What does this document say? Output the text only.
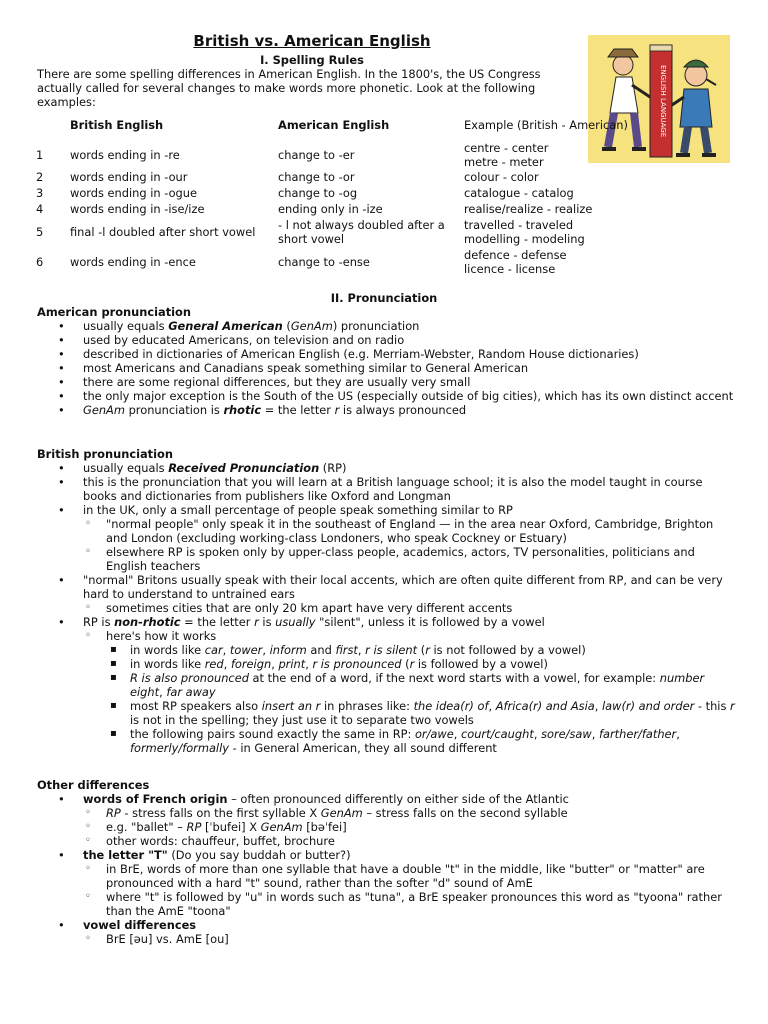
British vs. American English
I. Spelling Rules
There are some spelling differences in American English. In the 1800's, the US Congress actually called for several changes to make words more phonetic. Look at the following examples:	ENGLISH LANGUAGE
	British English	American English	Example (British - American)
1	words ending in -re	change to -er	centre - center
metre - meter
2	words ending in -our	change to -or	colour - color
3	words ending in -ogue	change to -og	catalogue - catalog
4	words ending in -ise/ize	ending only in -ize	realise/realize - realize
5	final -l doubled after short vowel	- l not always doubled after a short vowel	travelled - traveled
modelling - modeling
6	words ending in -ence	change to -ense	defence - defense
licence - license
II. Pronunciation
American pronunciation
• usually equals General American (GenAm) pronunciation
• used by educated Americans, on television and on radio
• described in dictionaries of American English (e.g. Merriam-Webster, Random House dictionaries)
• most Americans and Canadians speak something similar to General American
• there are some regional differences, but they are usually very small
• the only major exception is the South of the US (especially outside of big cities), which has its own distinct accent
• GenAm pronunciation is rhotic = the letter r is always pronounced
British pronunciation
• usually equals Received Pronunciation (RP)
• this is the pronunciation that you will learn at a British language school; it is also the model taught in course books and dictionaries from publishers like Oxford and Longman
• in the UK, only a small percentage of people speak something similar to RP
◦ "normal people" only speak it in the southeast of England — in the area near Oxford, Cambridge, Brighton and London (excluding working-class Londoners, who speak Cockney or Estuary)
◦ elsewhere RP is spoken only by upper-class people, academics, actors, TV personalities, politicians and English teachers
• "normal" Britons usually speak with their local accents, which are often quite different from RP, and can be very hard to understand to untrained ears
◦ sometimes cities that are only 20 km apart have very different accents
• RP is non-rhotic = the letter r is usually "silent", unless it is followed by a vowel
◦ here's how it works
▪ in words like car, tower, inform and first, r is silent (r is not followed by a vowel)
▪ in words like red, foreign, print, r is pronounced (r is followed by a vowel)
▪ R is also pronounced at the end of a word, if the next word starts with a vowel, for example: number eight, far away
▪ most RP speakers also insert an r in phrases like: the idea(r) of, Africa(r) and Asia, law(r) and order - this r is not in the spelling; they just use it to separate two vowels
▪ the following pairs sound exactly the same in RP: or/awe, court/caught, sore/saw, farther/father, formerly/formally - in General American, they all sound different
Other differences
• words of French origin – often pronounced differently on either side of the Atlantic
◦ RP - stress falls on the first syllable X GenAm – stress falls on the second syllable
◦ e.g. "ballet" – RP [ˈbufei] X GenAm [bəˈfei]
◦ other words: chauffeur, buffet, brochure
• the letter "T" (Do you say buddah or butter?)
◦ in BrE, words of more than one syllable that have a double "t" in the middle, like "butter" or "matter" are pronounced with a hard "t" sound, rather than the softer "d" sound of AmE
◦ where "t" is followed by "u" in words such as "tuna", a BrE speaker pronounces this word as "tyoona" rather than the AmE "toona"
• vowel differences
◦ BrE [əu] vs. AmE [ou]
